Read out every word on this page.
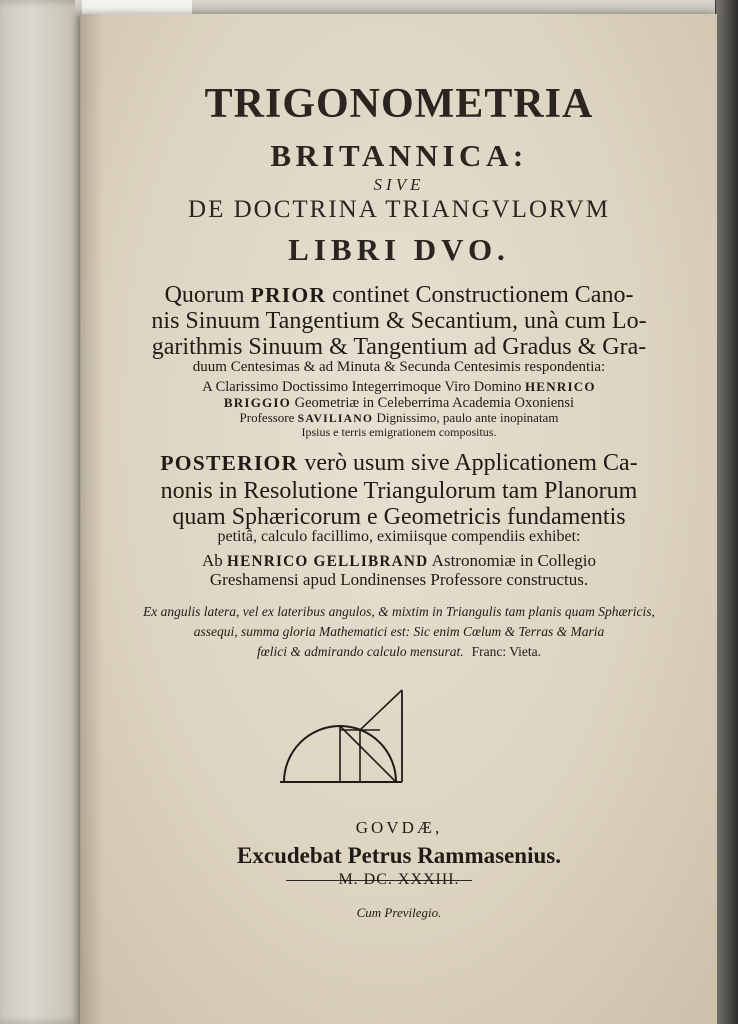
TRIGONOMETRIA
BRITANNICA:
SIVE
DE DOCTRINA TRIANGVLORVM
LIBRI DVO.
Quorum PRIOR continet Constructionem Cano-
nis Sinuum Tangentium & Secantium, unà cum Lo-
garithmis Sinuum & Tangentium ad Gradus & Gra-
duum Centesimas & ad Minuta & Secunda Centesimis respondentia:
A Clarissimo Doctissimo Integerrimoque Viro Domino HENRICO
BRIGGIO Geometriæ in Celeberrima Academia Oxoniensi
Professore SAVILIANO Dignissimo, paulo ante inopinatam
Ipsius e terris emigrationem compositus.
POSTERIOR verò usum sive Applicationem Ca-
nonis in Resolutione Triangulorum tam Planorum
quam Sphæricorum e Geometricis fundamentis
petitâ, calculo facillimo, eximiisque compendiis exhibet:
Ab HENRICO GELLIBRAND Astronomiæ in Collegio
Greshamensi apud Londinenses Professore constructus.
Ex angulis latera, vel ex lateribus angulos, & mixtim in Triangulis tam planis quam Sphæricis,
assequi, summa gloria Mathematici est: Sic enim Cœlum & Terras & Maria
fœlici & admirando calculo mensurat. Franc: Vieta.
GOVDÆ,
Excudebat Petrus Rammasenius.
M. DC. XXXIII.
Cum Previlegio.
